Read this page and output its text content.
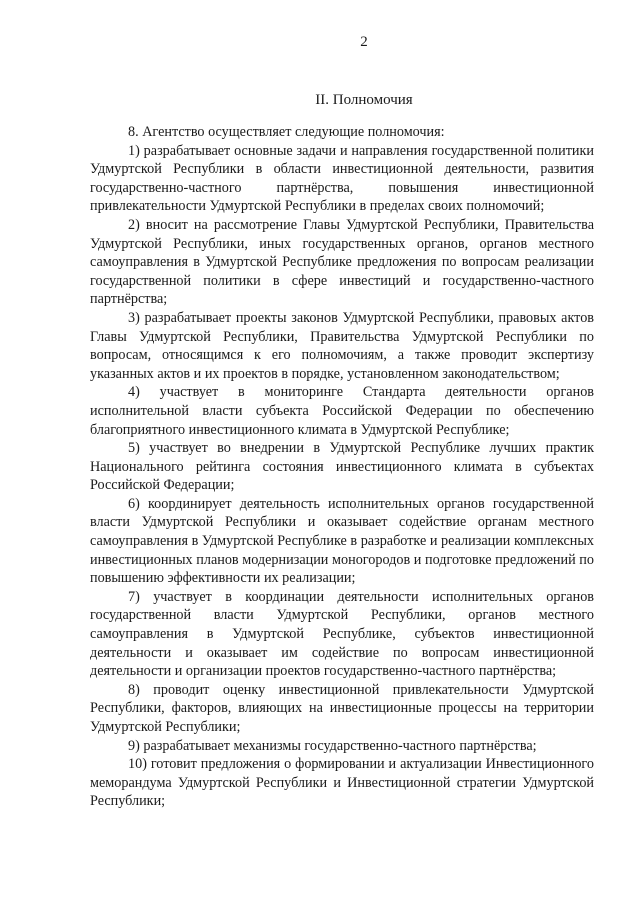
2
II. Полномочия

8. Агентство осуществляет следующие полномочия:

1) разрабатывает основные задачи и направления государственной политики Удмуртской Республики в области инвестиционной деятельности, развития государственно-частного партнёрства, повышения инвестиционной привлекательности Удмуртской Республики в пределах своих полномочий;

2) вносит на рассмотрение Главы Удмуртской Республики, Правительства Удмуртской Республики, иных государственных органов, органов местного самоуправления в Удмуртской Республике предложения по вопросам реализации государственной политики в сфере инвестиций и государственно-частного партнёрства;

3) разрабатывает проекты законов Удмуртской Республики, правовых актов Главы Удмуртской Республики, Правительства Удмуртской Республики по вопросам, относящимся к его полномочиям, а также проводит экспертизу указанных актов и их проектов в порядке, установленном законодательством;

4) участвует в мониторинге Стандарта деятельности органов исполнительной власти субъекта Российской Федерации по обеспечению благоприятного инвестиционного климата в Удмуртской Республике;

5) участвует во внедрении в Удмуртской Республике лучших практик Национального рейтинга состояния инвестиционного климата в субъектах Российской Федерации;

6) координирует деятельность исполнительных органов государственной власти Удмуртской Республики и оказывает содействие органам местного самоуправления в Удмуртской Республике в разработке и реализации комплексных инвестиционных планов модернизации моногородов и подготовке предложений по повышению эффективности их реализации;

7) участвует в координации деятельности исполнительных органов государственной власти Удмуртской Республики, органов местного самоуправления в Удмуртской Республике, субъектов инвестиционной деятельности и оказывает им содействие по вопросам инвестиционной деятельности и организации проектов государственно-частного партнёрства;

8) проводит оценку инвестиционной привлекательности Удмуртской Республики, факторов, влияющих на инвестиционные процессы на территории Удмуртской Республики;

9) разрабатывает механизмы государственно-частного партнёрства;

10) готовит предложения о формировании и актуализации Инвестиционного меморандума Удмуртской Республики и Инвестиционной стратегии Удмуртской Республики;
